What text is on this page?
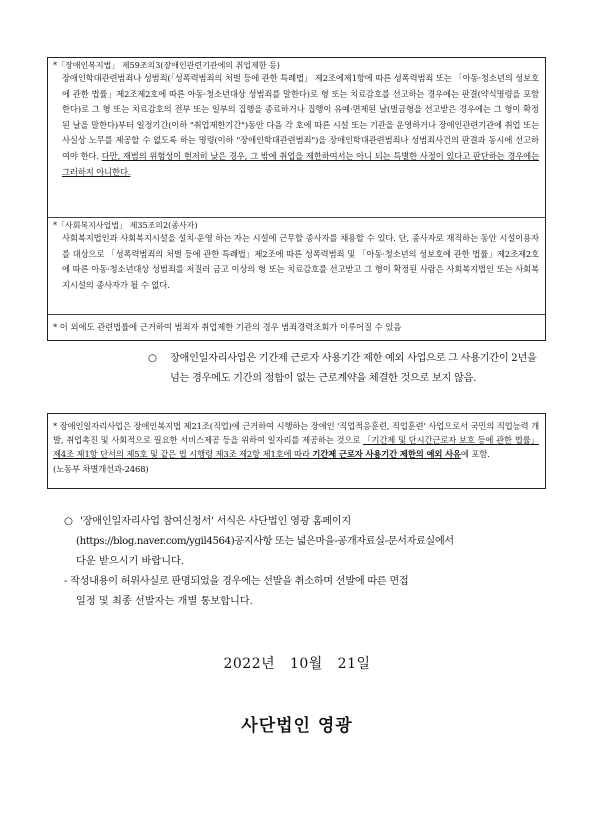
*「장애인복지법」 제59조의3(장애인관련기관에의 취업제한 등)
장애인학대관련범죄나 성범죄(「성폭력범죄의 처벌 등에 관한 특례법」 제2조에제1항에 따른 성폭력범죄 또는 「아동·청소년의 성보호에 관한 법률」제2조제2호에 따른 아동·청소년대상 성범죄를 말한다)로 형 또는 치료감호를 선고하는 경우에는 판결(약식명령을 포함한다)로 그 형 또는 치료감호의 전부 또는 일부의 집행을 종료하거나 집행이 유예·면제된 날(벌금형을 선고받은 경우에는 그 형이 확정된 날을 말한다)부터 일정기간(이하 "취업제한기간")동안 다음 각 호에 따른 시설 또는 기관을 운영하거나 장애인관련기관에 취업 또는 사실상 노무를 제공할 수 없도록 하는 명령(이하 "장애인학대관련범죄")을 장애인학대관련범죄나 성범죄사건의 판결과 동시에 선고하여야 한다. 다만, 재범의 위험성이 현저히 낮은 경우, 그 밖에 취업을 제한하여서는 아니 되는 특별한 사정이 있다고 판단하는 경우에는 그러하지 아니한다.
*「사회복지사업법」 제35조의2(종사자)
사회복지법인과 사회복지시설을 설치·운영 하는 자는 시설에 근무할 종사자를 채용할 수 있다. 단, 종사자로 재직하는 동안 시설이용자를 대상으로 「성폭력범죄의 처벌 등에 관한 특례법」제2조에 따른 성폭력범죄 및 「아동·청소년의 성보호에 관한 법률」제2조제2호에 따른 아동·청소년대상 성범죄를 저질러 금고 이상의 형 또는 치료감호를 선고받고 그 형이 확정된 사람은 사회복지법인 또는 사회복지시설의 종사자가 될 수 없다.
* 이 외에도 관련법률에 근거하여 범죄자 취업제한 기관의 경우 범죄경력조회가 이루어질 수 있음
○ 장애인일자리사업은 기간제 근로자 사용기간 제한 예외 사업으로 그 사용기간이 2년을
넘는 경우에도 기간의 정함이 없는 근로계약을 체결한 것으로 보지 않음.
* 장애인일자리사업은 장애인복지법 제21조(직업)에 근거하여 시행하는 장애인 '직업적응훈련, 직업훈련' 사업으로서 국민의 직업능력 개발, 취업촉진 및 사회적으로 필요한 서비스제공 등을 위하여 일자리를 제공하는 것으로 「기간제 및 단시간근로자 보호 등에 관한 법률」 제4조 제1항 단서의 제5호 및 같은 법 시행령 제3조 제2항 제1호에 따라 기간제 근로자 사용기간 제한의 예외 사유에 포함.
(노동부 차별개선과-2468)
○ '장애인일자리사업 참여신청서' 서식은 사단법인 영광 홈페이지
(https://blog.naver.com/ygil4564)공지사항 또는 넓은마을-공개자료실-문서자료실에서
다운 받으시기 바랍니다.
- 작성내용이 허위사실로 판명되었을 경우에는 선발을 취소하며 선발에 따른 면접
일정 및 최종 선발자는 개별 통보합니다.
2022년   10월   21일
사단법인 영광
